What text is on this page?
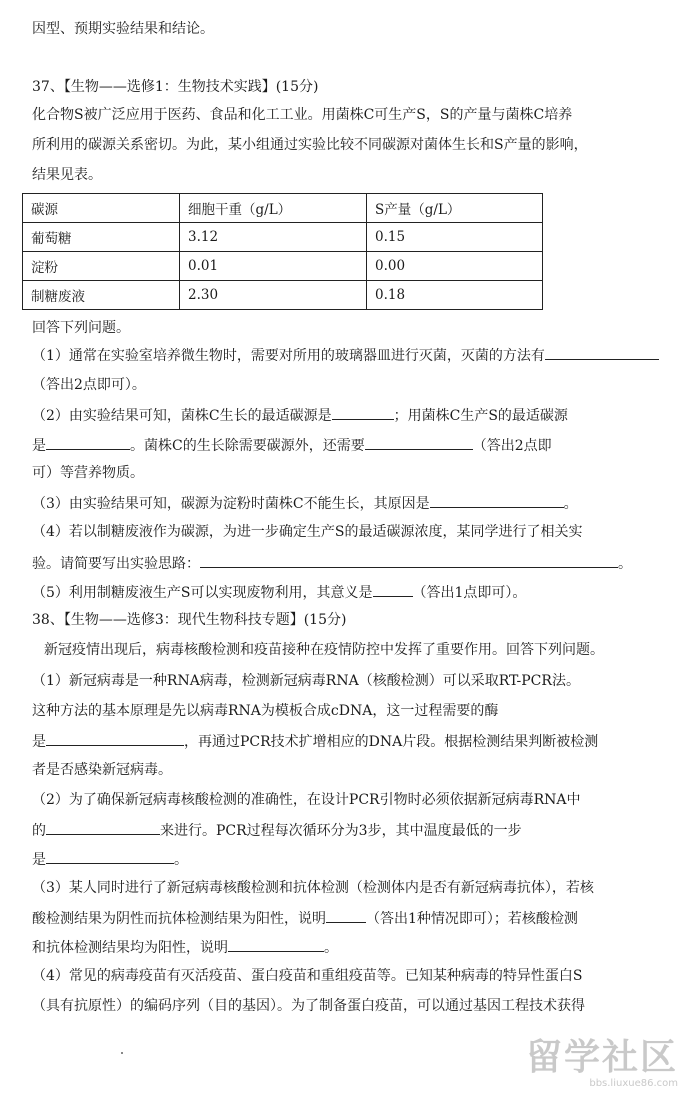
因型、预期实验结果和结论。
37、【生物——选修1：生物技术实践】(15分)
化合物S被广泛应用于医药、食品和化工工业。用菌株C可生产S，S的产量与菌株C培养
所利用的碳源关系密切。为此，某小组通过实验比较不同碳源对菌体生长和S产量的影响，
结果见表。
碳源	细胞干重（g/L）	S产量（g/L）
葡萄糖	3.12	0.15
淀粉	0.01	0.00
制糖废液	2.30	0.18
回答下列问题。
（1）通常在实验室培养微生物时，需要对所用的玻璃器皿进行灭菌，灭菌的方法有
（答出2点即可）。
（2）由实验结果可知，菌株C生长的最适碳源是	；用菌株C生产S的最适碳源
是	。菌株C的生长除需要碳源外，还需要	（答出2点即
可）等营养物质。
（3）由实验结果可知，碳源为淀粉时菌株C不能生长，其原因是	。
（4）若以制糖废液作为碳源，为进一步确定生产S的最适碳源浓度，某同学进行了相关实
验。请简要写出实验思路：	。
（5）利用制糖废液生产S可以实现废物利用，其意义是	（答出1点即可）。
38、【生物——选修3：现代生物科技专题】(15分)
新冠疫情出现后，病毒核酸检测和疫苗接种在疫情防控中发挥了重要作用。回答下列问题。
（1）新冠病毒是一种RNA病毒，检测新冠病毒RNA（核酸检测）可以采取RT-PCR法。
这种方法的基本原理是先以病毒RNA为模板合成cDNA，这一过程需要的酶
是	，再通过PCR技术扩增相应的DNA片段。根据检测结果判断被检测
者是否感染新冠病毒。
（2）为了确保新冠病毒核酸检测的准确性，在设计PCR引物时必须依据新冠病毒RNA中
的	来进行。PCR过程每次循环分为3步，其中温度最低的一步
是	。
（3）某人同时进行了新冠病毒核酸检测和抗体检测（检测体内是否有新冠病毒抗体），若核
酸检测结果为阴性而抗体检测结果为阳性，说明	（答出1种情况即可）；若核酸检测
和抗体检测结果均为阳性，说明	。
（4）常见的病毒疫苗有灭活疫苗、蛋白疫苗和重组疫苗等。已知某种病毒的特异性蛋白S
（具有抗原性）的编码序列（目的基因）。为了制备蛋白疫苗，可以通过基因工程技术获得
留学社区
bbs.liuxue86.com
